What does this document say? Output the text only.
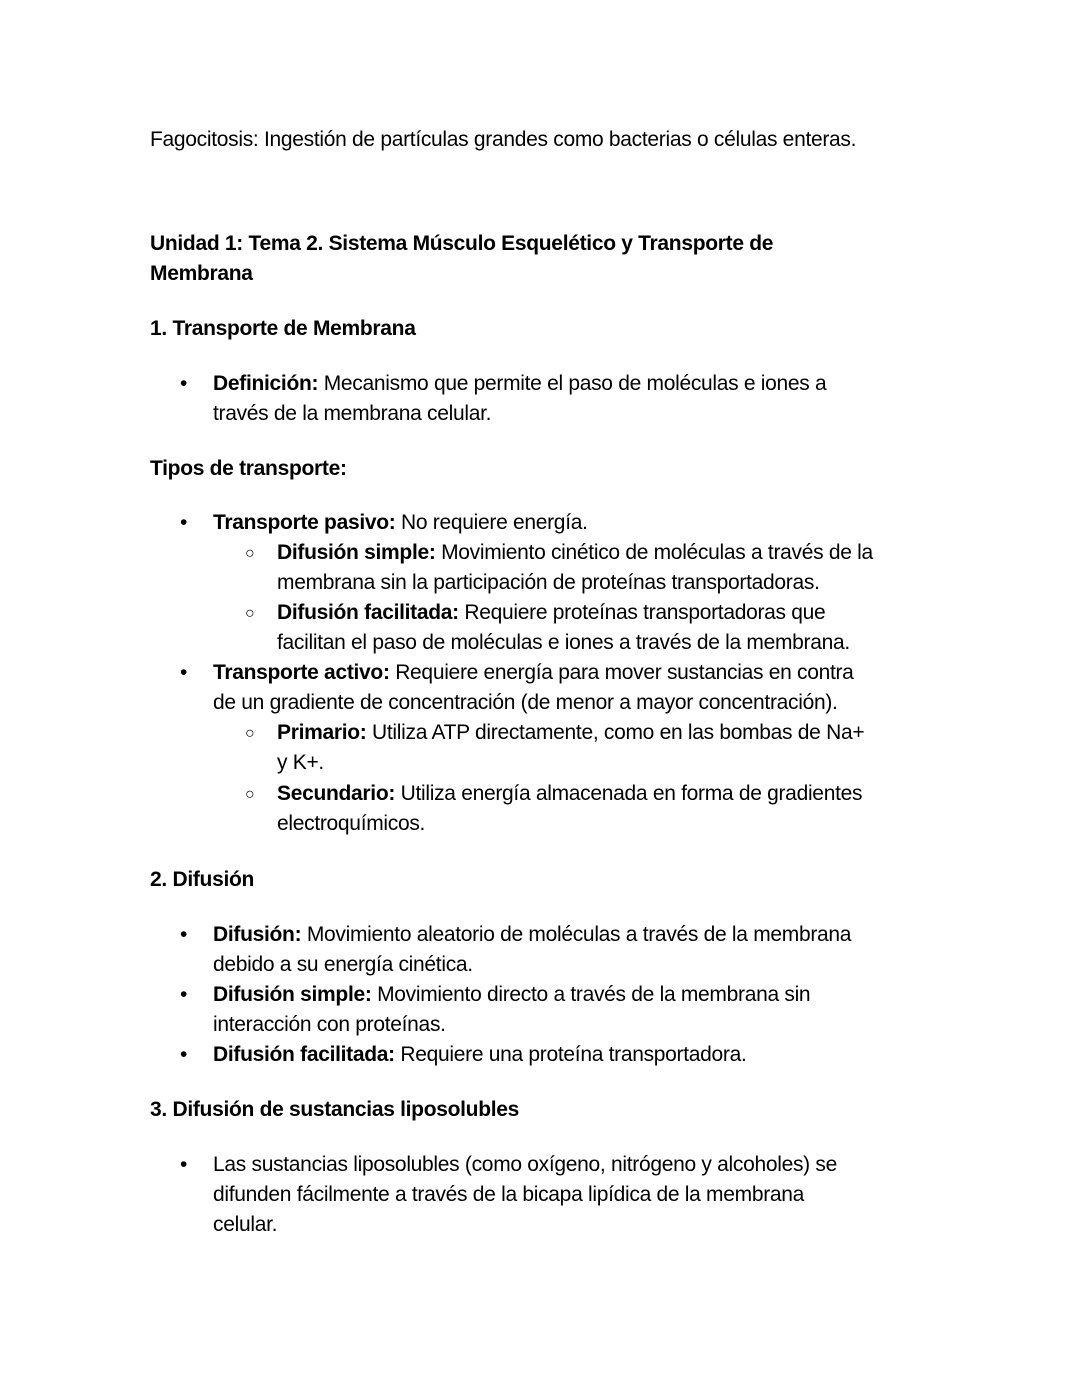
Fagocitosis: Ingestión de partículas grandes como bacterias o células enteras.

Unidad 1: Tema 2. Sistema Músculo Esquelético y Transporte de

Membrana

1. Transporte de Membrana

• Definición: Mecanismo que permite el paso de moléculas e iones a
través de la membrana celular.

Tipos de transporte:

• Transporte pasivo: No requiere energía.
○ Difusión simple: Movimiento cinético de moléculas a través de la
membrana sin la participación de proteínas transportadoras.
○ Difusión facilitada: Requiere proteínas transportadoras que
facilitan el paso de moléculas e iones a través de la membrana.
• Transporte activo: Requiere energía para mover sustancias en contra
de un gradiente de concentración (de menor a mayor concentración).
○ Primario: Utiliza ATP directamente, como en las bombas de Na+
y K+.
○ Secundario: Utiliza energía almacenada en forma de gradientes
electroquímicos.

2. Difusión

• Difusión: Movimiento aleatorio de moléculas a través de la membrana
debido a su energía cinética.
• Difusión simple: Movimiento directo a través de la membrana sin
interacción con proteínas.
• Difusión facilitada: Requiere una proteína transportadora.

3. Difusión de sustancias liposolubles

• Las sustancias liposolubles (como oxígeno, nitrógeno y alcoholes) se
difunden fácilmente a través de la bicapa lipídica de la membrana
celular.
